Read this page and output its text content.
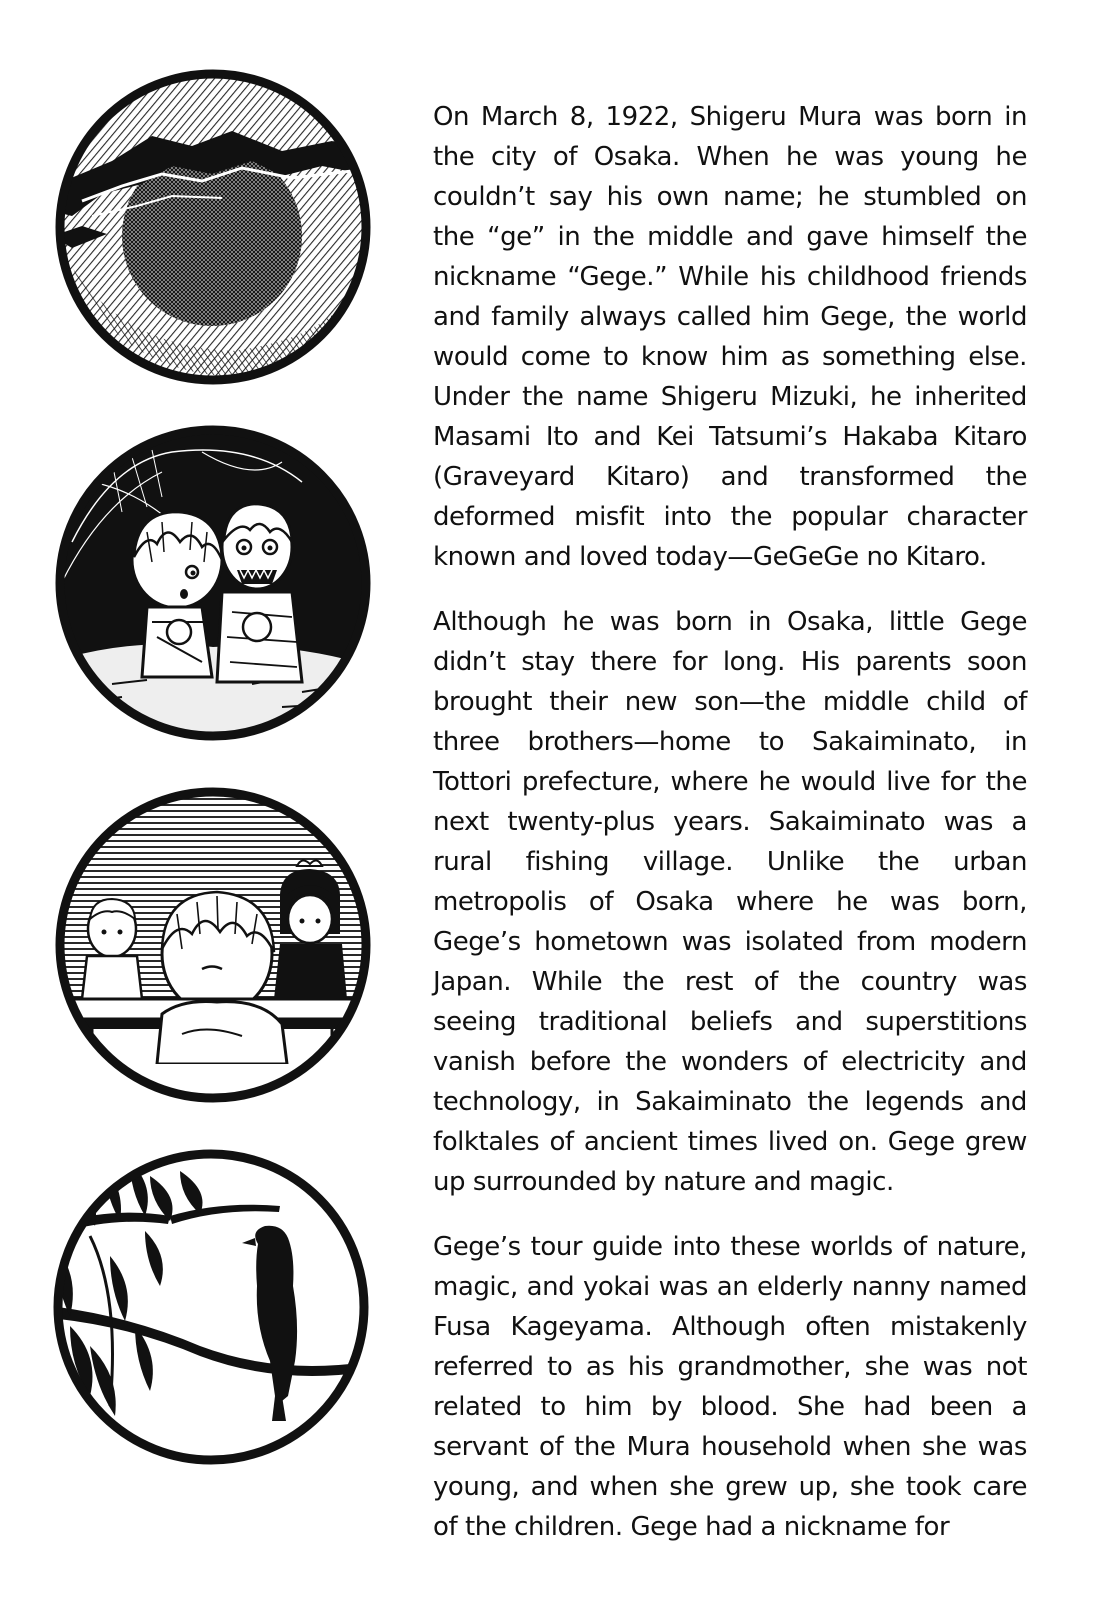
On March 8, 1922, Shigeru Mura was born in the city of Osaka. When he was young he couldn’t say his own name; he stumbled on the “ge” in the middle and gave himself the nickname “Gege.” While his childhood friends and family always called him Gege, the world would come to know him as something else. Under the name Shigeru Mizuki, he inherited Masami Ito and Kei Tatsumi’s Hakaba Kitaro (Graveyard Kitaro) and transformed the deformed misfit into the popular character known and loved today—GeGeGe no Kitaro.

Although he was born in Osaka, little Gege didn’t stay there for long. His parents soon brought their new son—the middle child of three brothers—home to Sakaiminato, in Tottori prefecture, where he would live for the next twenty-plus years. Sakaiminato was a rural fishing village. Unlike the urban metropolis of Osaka where he was born, Gege’s hometown was isolated from modern Japan. While the rest of the country was seeing traditional beliefs and superstitions vanish before the wonders of electricity and technology, in Sakaiminato the legends and folktales of ancient times lived on. Gege grew up surrounded by nature and magic.

Gege’s tour guide into these worlds of nature, magic, and yokai was an elderly nanny named Fusa Kageyama. Although often mistakenly referred to as his grandmother, she was not related to him by blood. She had been a servant of the Mura household when she was young, and when she grew up, she took care of the children. Gege had a nickname for
